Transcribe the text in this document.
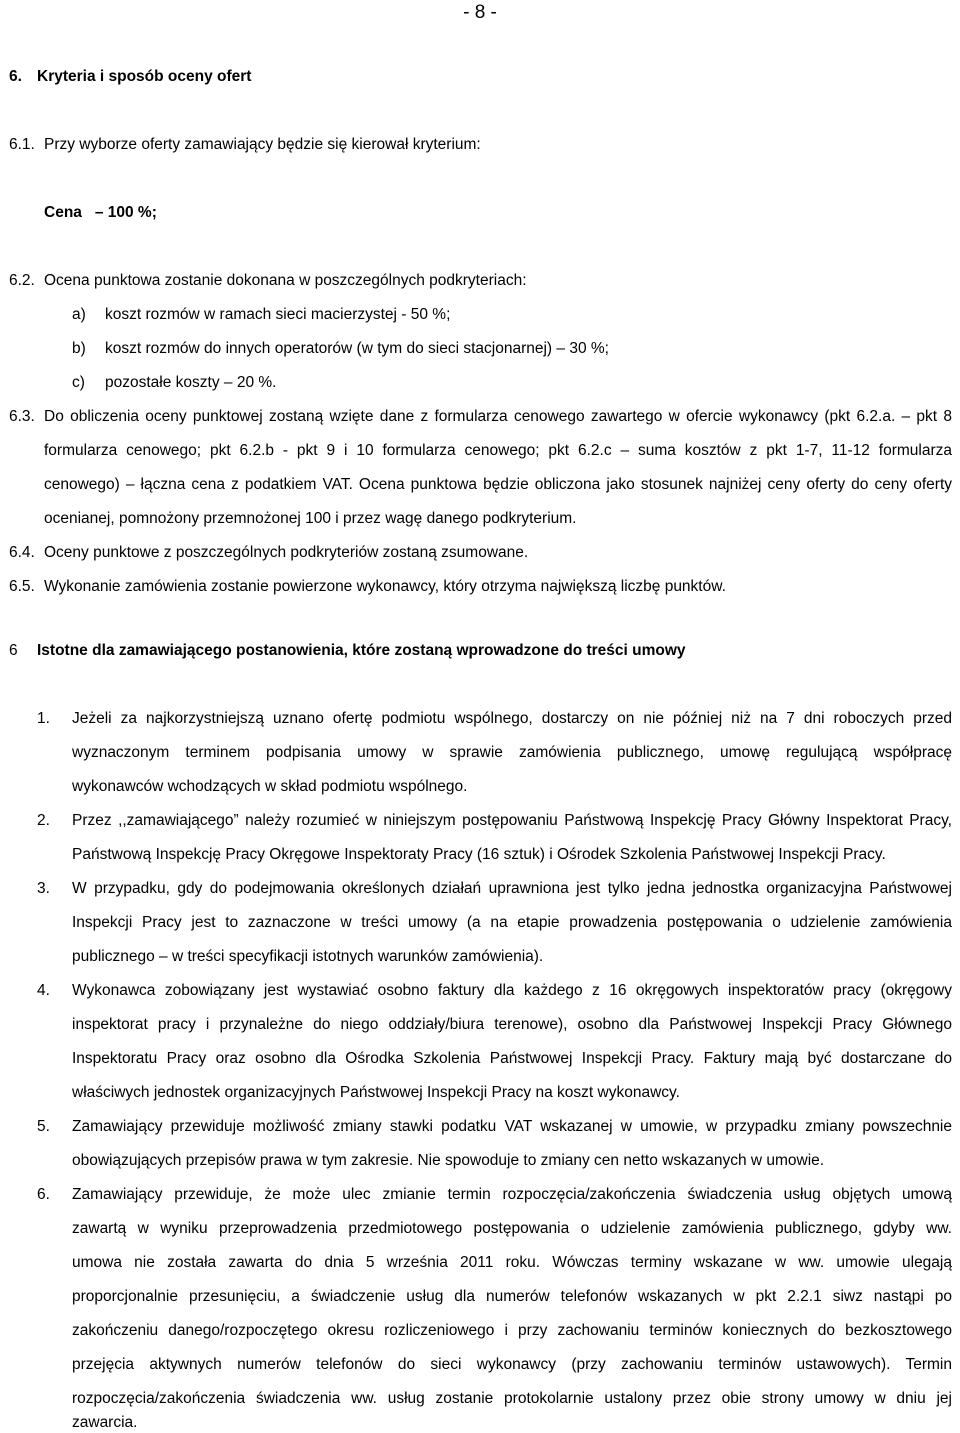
- 8 -
6. Kryteria i sposób oceny ofert
6.1. Przy wyborze oferty zamawiający będzie się kierował kryterium:
Cena   – 100 %;
6.2. Ocena punktowa zostanie dokonana w poszczególnych podkryteriach:
a) koszt rozmów w ramach sieci macierzystej - 50 %;
b) koszt rozmów do innych operatorów (w tym do sieci stacjonarnej) – 30 %;
c) pozostałe koszty – 20 %.
6.3. Do obliczenia oceny punktowej zostaną wzięte dane z formularza cenowego zawartego w ofercie wykonawcy (pkt 6.2.a. – pkt 8
formularza cenowego; pkt 6.2.b - pkt 9 i 10 formularza cenowego; pkt 6.2.c – suma kosztów z pkt 1-7, 11-12 formularza
cenowego) – łączna cena z podatkiem VAT. Ocena punktowa będzie obliczona jako stosunek najniżej ceny oferty do ceny oferty
ocenianej, pomnożony przemnożonej 100 i przez wagę danego podkryterium.
6.4. Oceny punktowe z poszczególnych podkryteriów zostaną zsumowane.
6.5. Wykonanie zamówienia zostanie powierzone wykonawcy, który otrzyma największą liczbę punktów.
6 Istotne dla zamawiającego postanowienia, które zostaną wprowadzone do treści umowy
1. Jeżeli za najkorzystniejszą uznano ofertę podmiotu wspólnego, dostarczy on nie później niż na 7 dni roboczych przed
wyznaczonym terminem podpisania umowy w sprawie zamówienia publicznego, umowę regulującą współpracę
wykonawców wchodzących w skład podmiotu wspólnego.
2. Przez ,,zamawiającego” należy rozumieć w niniejszym postępowaniu Państwową Inspekcję Pracy Główny Inspektorat Pracy,
Państwową Inspekcję Pracy Okręgowe Inspektoraty Pracy (16 sztuk) i Ośrodek Szkolenia Państwowej Inspekcji Pracy.
3. W przypadku, gdy do podejmowania określonych działań uprawniona jest tylko jedna jednostka organizacyjna Państwowej
Inspekcji Pracy jest to zaznaczone w treści umowy (a na etapie prowadzenia postępowania o udzielenie zamówienia
publicznego – w treści specyfikacji istotnych warunków zamówienia).
4. Wykonawca zobowiązany jest wystawiać osobno faktury dla każdego z 16 okręgowych inspektoratów pracy (okręgowy
inspektorat pracy i przynależne do niego oddziały/biura terenowe), osobno dla Państwowej Inspekcji Pracy Głównego
Inspektoratu Pracy oraz osobno dla Ośrodka Szkolenia Państwowej Inspekcji Pracy. Faktury mają być dostarczane do
właściwych jednostek organizacyjnych Państwowej Inspekcji Pracy na koszt wykonawcy.
5. Zamawiający przewiduje możliwość zmiany stawki podatku VAT wskazanej w umowie, w przypadku zmiany powszechnie
obowiązujących przepisów prawa w tym zakresie. Nie spowoduje to zmiany cen netto wskazanych w umowie.
6. Zamawiający przewiduje, że może ulec zmianie termin rozpoczęcia/zakończenia świadczenia usług objętych umową
zawartą w wyniku przeprowadzenia przedmiotowego postępowania o udzielenie zamówienia publicznego, gdyby ww.
umowa nie została zawarta do dnia 5 września 2011 roku. Wówczas terminy wskazane w ww. umowie ulegają
proporcjonalnie przesunięciu, a świadczenie usług dla numerów telefonów wskazanych w pkt 2.2.1 siwz nastąpi po
zakończeniu danego/rozpoczętego okresu rozliczeniowego i przy zachowaniu terminów koniecznych do bezkosztowego
przejęcia aktywnych numerów telefonów do sieci wykonawcy (przy zachowaniu terminów ustawowych). Termin
rozpoczęcia/zakończenia świadczenia ww. usług zostanie protokolarnie ustalony przez obie strony umowy w dniu jej
zawarcia.
